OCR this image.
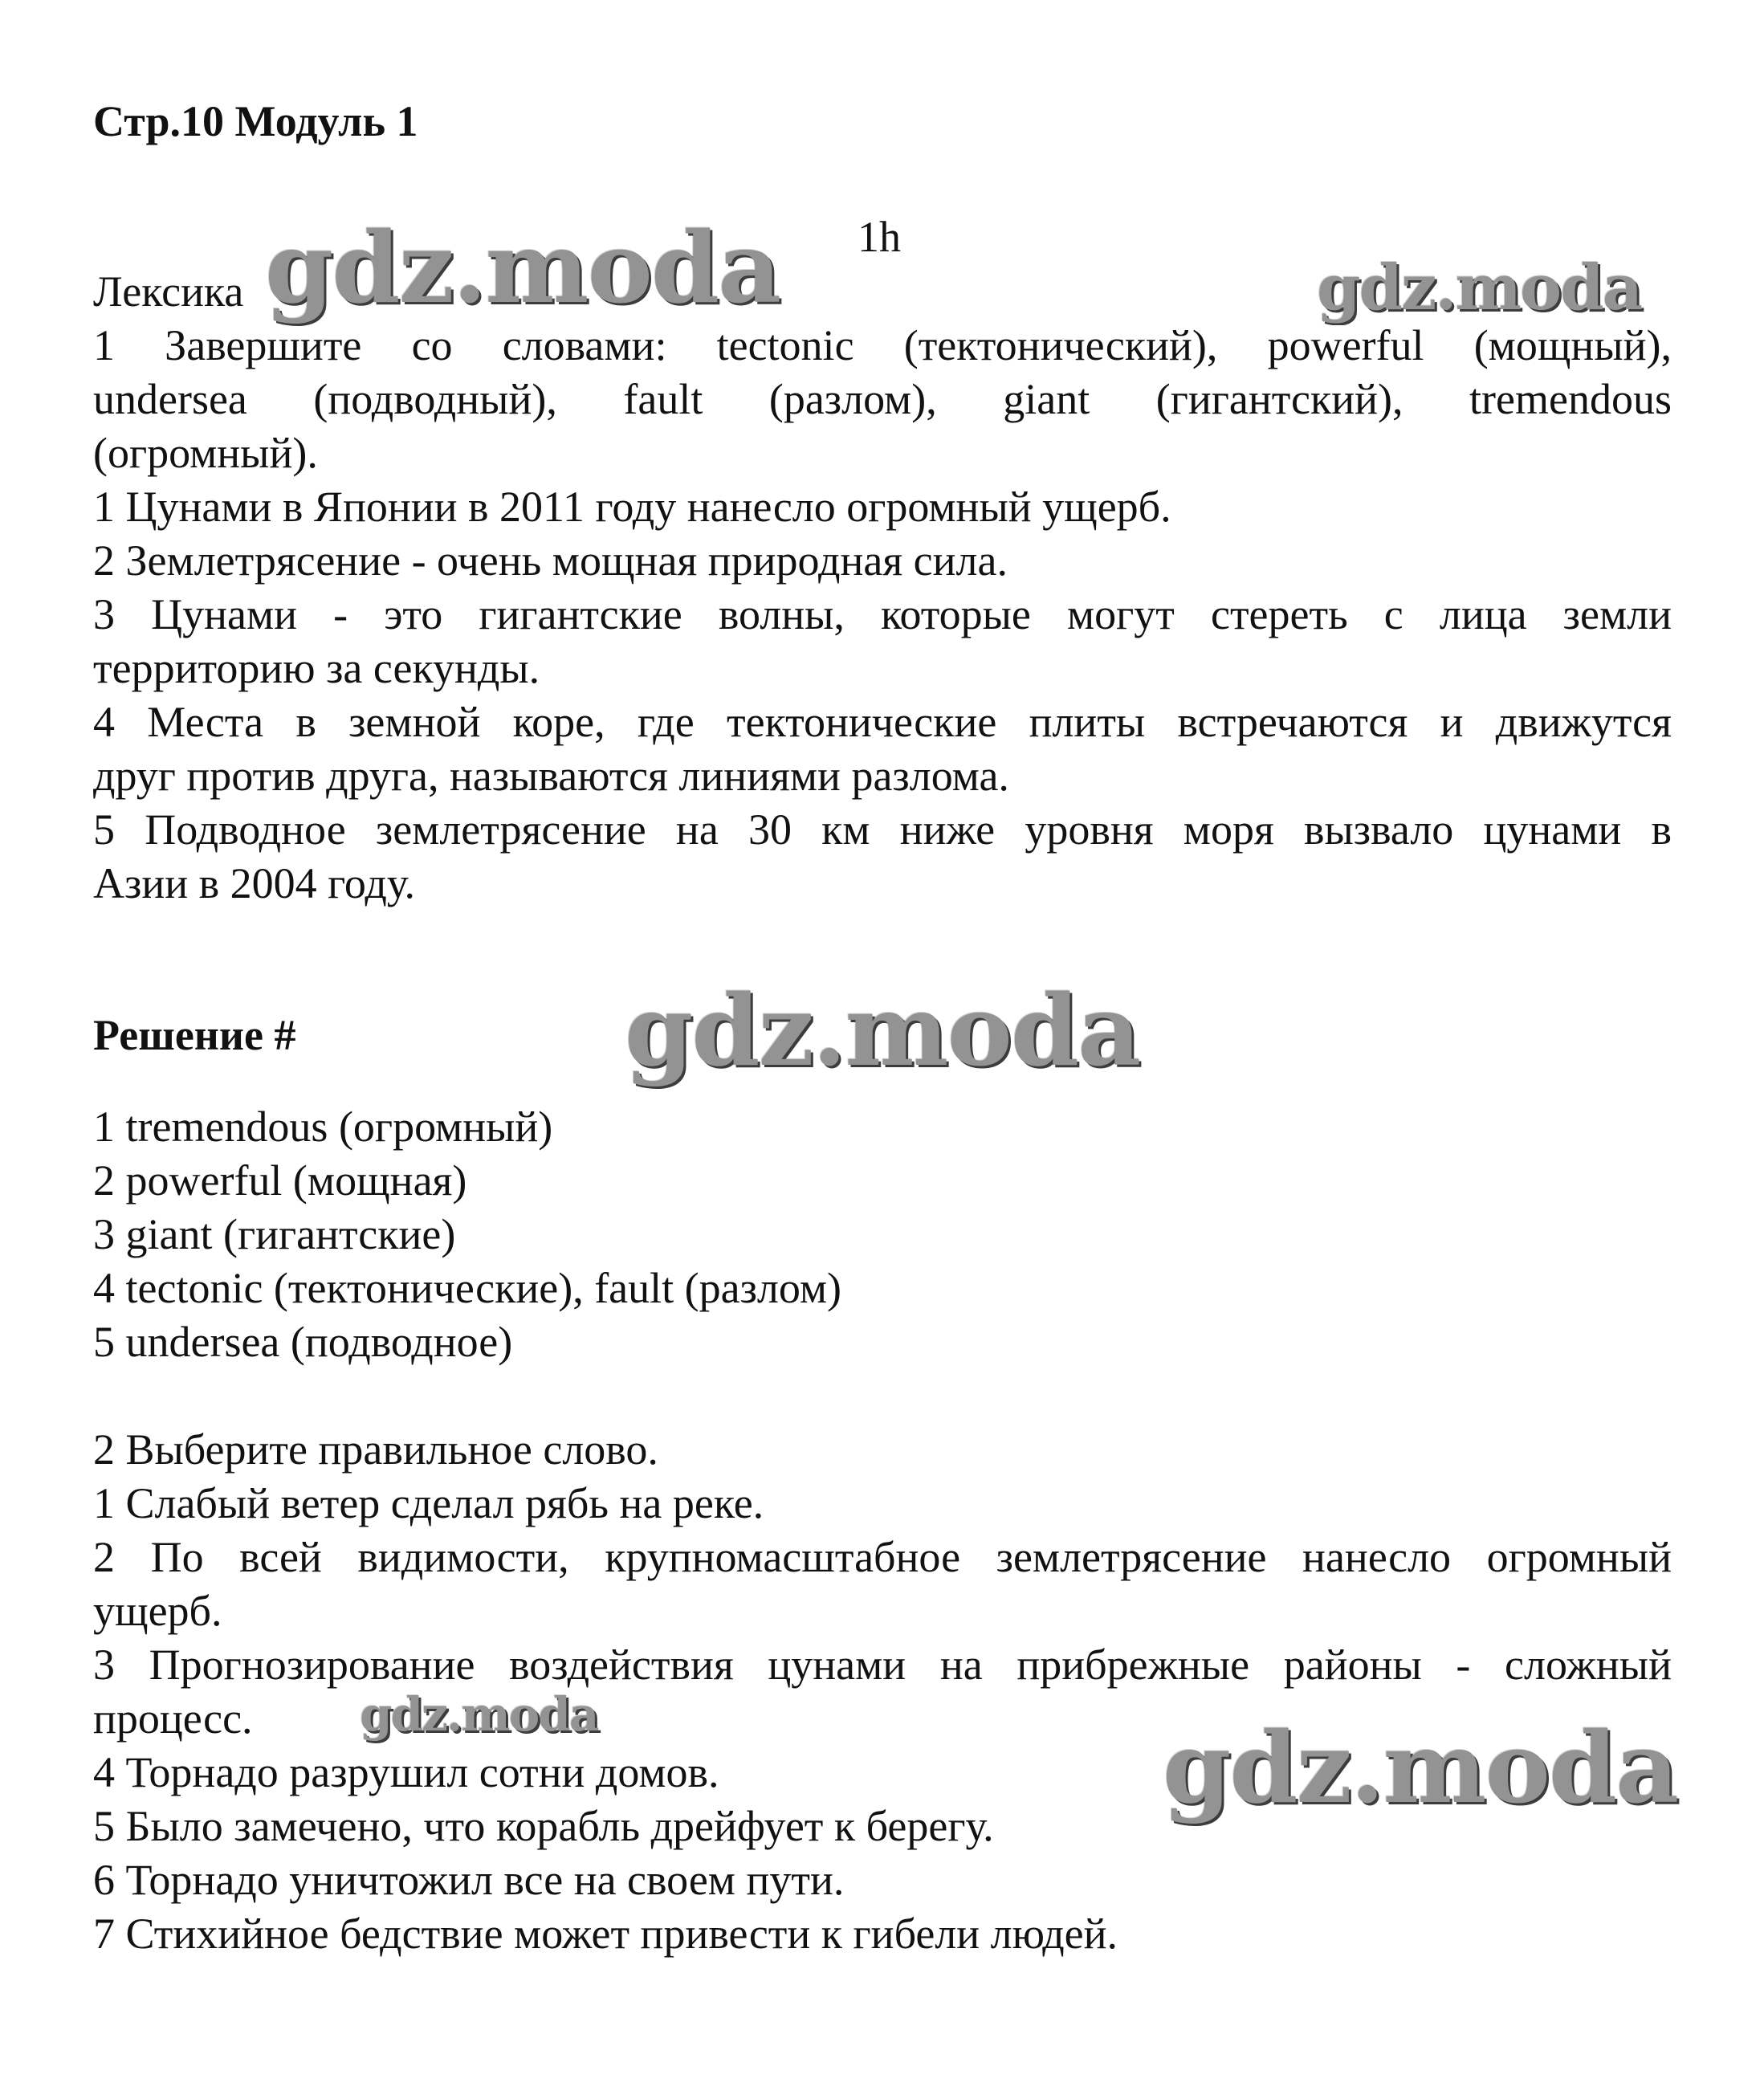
Стр.10 Модуль 1
1h
Лексика
1 Завершите со словами: tectonic (тектонический), powerful (мощный),
undersea (подводный), fault (разлом), giant (гигантский), tremendous
(огромный).
1 Цунами в Японии в 2011 году нанесло огромный ущерб.
2 Землетрясение - очень мощная природная сила.
3 Цунами - это гигантские волны, которые могут стереть с лица земли
территорию за секунды.
4 Места в земной коре, где тектонические плиты встречаются и движутся
друг против друга, называются линиями разлома.
5 Подводное землетрясение на 30 км ниже уровня моря вызвало цунами в
Азии в 2004 году.
Решение #
1 tremendous (огромный)
2 powerful (мощная)
3 giant (гигантские)
4 tectonic (тектонические), fault (разлом)
5 undersea (подводное)
2 Выберите правильное слово.
1 Слабый ветер сделал рябь на реке.
2 По всей видимости, крупномасштабное землетрясение нанесло огромный
ущерб.
3 Прогнозирование воздействия цунами на прибрежные районы - сложный
процесс.
4 Торнадо разрушил сотни домов.
5 Было замечено, что корабль дрейфует к берегу.
6 Торнадо уничтожил все на своем пути.
7 Стихийное бедствие может привести к гибели людей.
gdz.moda	gdz.moda
gdz.moda
gdz.moda	gdz.moda
